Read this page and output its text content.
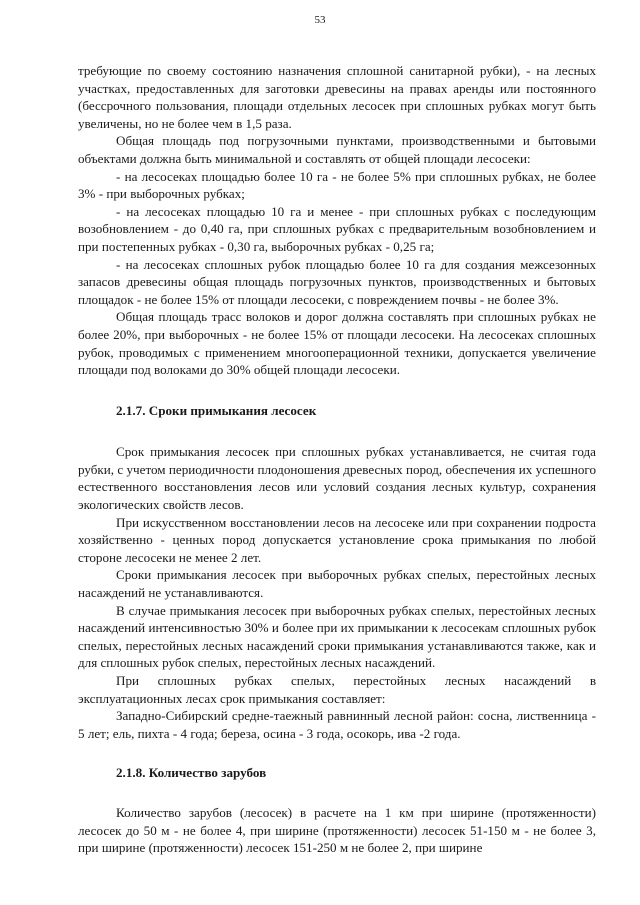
53

требующие по своему состоянию назначения сплошной санитарной рубки), - на лесных участках, предоставленных для заготовки древесины на правах аренды или постоянного (бессрочного пользования, площади отдельных лесосек при сплошных рубках могут быть увеличены, но не более чем в 1,5 раза.

Общая площадь под погрузочными пунктами, производственными и бытовыми объектами должна быть минимальной и составлять от общей площади лесосеки:

- на лесосеках площадью более 10 га - не более 5% при сплошных рубках, не более 3% - при выборочных рубках;

- на лесосеках площадью 10 га и менее - при сплошных рубках с последующим возобновлением - до 0,40 га, при сплошных рубках с предварительным возобновлением и при постепенных рубках - 0,30 га, выборочных рубках - 0,25 га;

- на лесосеках сплошных рубок площадью более 10 га для создания межсезонных запасов древесины общая площадь погрузочных пунктов, производственных и бытовых площадок - не более 15% от площади лесосеки, с повреждением почвы - не более 3%.

Общая площадь трасс волоков и дорог должна составлять при сплошных рубках не более 20%, при выборочных - не более 15% от площади лесосеки. На лесосеках сплошных рубок, проводимых с применением многооперационной техники, допускается увеличение площади под волоками до 30% общей площади лесосеки.

2.1.7. Сроки примыкания лесосек

Срок примыкания лесосек при сплошных рубках устанавливается, не считая года рубки, с учетом периодичности плодоношения древесных пород, обеспечения их успешного естественного восстановления лесов или условий создания лесных культур, сохранения экологических свойств лесов.

При искусственном восстановлении лесов на лесосеке или при сохранении подроста хозяйственно - ценных пород допускается установление срока примыкания по любой стороне лесосеки не менее 2 лет.

Сроки примыкания лесосек при выборочных рубках спелых, перестойных лесных насаждений не устанавливаются.

В случае примыкания лесосек при выборочных рубках спелых, перестойных лесных насаждений интенсивностью 30% и более при их примыкании к лесосекам сплошных рубок спелых, перестойных лесных насаждений сроки примыкания устанавливаются также, как и для сплошных рубок спелых, перестойных лесных насаждений.

При сплошных рубках спелых, перестойных лесных насаждений в эксплуатационных лесах срок примыкания составляет:

Западно-Сибирский средне-таежный равнинный лесной район: сосна, лиственница - 5 лет; ель, пихта - 4 года; береза, осина - 3 года, осокорь, ива -2 года.

2.1.8. Количество зарубов

Количество зарубов (лесосек) в расчете на 1 км при ширине (протяженности) лесосек до 50 м - не более 4, при ширине (протяженности) лесосек 51-150 м - не более 3, при ширине (протяженности) лесосек 151-250 м не более 2, при ширине
